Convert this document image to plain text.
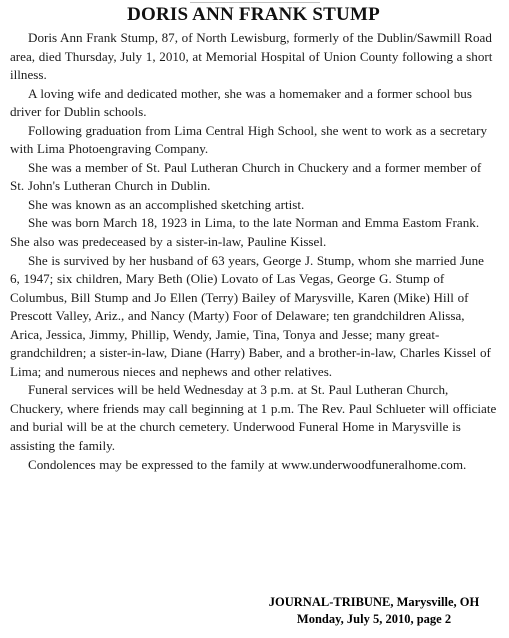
DORIS ANN FRANK STUMP

Doris Ann Frank Stump, 87, of North Lewisburg, formerly of the Dublin/Sawmill Road area, died Thursday, July 1, 2010, at Memorial Hospital of Union County following a short illness.

A loving wife and dedicated mother, she was a homemaker and a former school bus driver for Dublin schools.

Following graduation from Lima Central High School, she went to work as a secretary with Lima Photoengraving Company.

She was a member of St. Paul Lutheran Church in Chuckery and a former member of St. John's Lutheran Church in Dublin.

She was known as an accomplished sketching artist.

She was born March 18, 1923 in Lima, to the late Norman and Emma Eastom Frank. She also was predeceased by a sister-in-law, Pauline Kissel.

She is survived by her husband of 63 years, George J. Stump, whom she married June 6, 1947; six children, Mary Beth (Olie) Lovato of Las Vegas, George G. Stump of Columbus, Bill Stump and Jo Ellen (Terry) Bailey of Marysville, Karen (Mike) Hill of Prescott Valley, Ariz., and Nancy (Marty) Foor of Delaware; ten grandchildren Alissa, Arica, Jessica, Jimmy, Phillip, Wendy, Jamie, Tina, Tonya and Jesse; many great-grandchildren; a sister-in-law, Diane (Harry) Baber, and a brother-in-law, Charles Kissel of Lima; and numerous nieces and nephews and other relatives.

Funeral services will be held Wednesday at 3 p.m. at St. Paul Lutheran Church, Chuckery, where friends may call beginning at 1 p.m. The Rev. Paul Schlueter will officiate and burial will be at the church cemetery. Underwood Funeral Home in Marysville is assisting the family.

Condolences may be expressed to the family at www.underwoodfuneralhome.com.

JOURNAL-TRIBUNE, Marysville, OH
Monday, July 5, 2010, page 2
